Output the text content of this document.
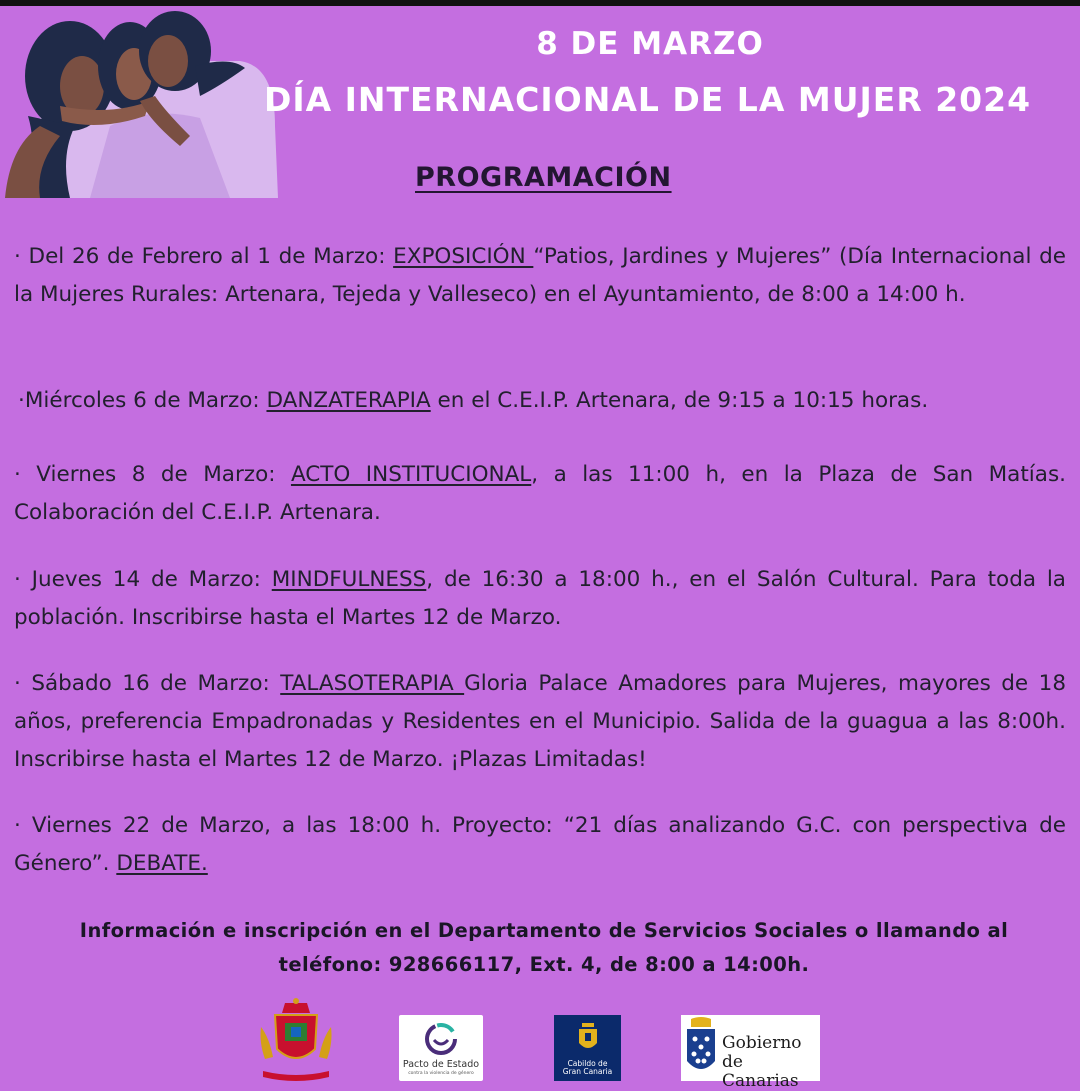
8 DE MARZO
DÍA INTERNACIONAL DE LA MUJER 2024
PROGRAMACIÓN
· Del 26 de Febrero al 1 de Marzo: EXPOSICIÓN “Patios, Jardines y Mujeres” (Día Internacional de la Mujeres Rurales: Artenara, Tejeda y Valleseco) en el Ayuntamiento, de 8:00 a 14:00 h.
·Miércoles 6 de Marzo: DANZATERAPIA en el C.E.I.P. Artenara, de 9:15 a 10:15 horas.
· Viernes 8 de Marzo: ACTO INSTITUCIONAL, a las 11:00 h, en la Plaza de San Matías. Colaboración del C.E.I.P. Artenara.
· Jueves 14 de Marzo: MINDFULNESS, de 16:30 a 18:00 h., en el Salón Cultural. Para toda la población. Inscribirse hasta el Martes 12 de Marzo.
· Sábado 16 de Marzo: TALASOTERAPIA Gloria Palace Amadores para Mujeres, mayores de 18 años, preferencia Empadronadas y Residentes en el Municipio. Salida de la guagua a las 8:00h. Inscribirse hasta el Martes 12 de Marzo. ¡Plazas Limitadas!
· Viernes 22 de Marzo, a las 18:00 h. Proyecto: “21 días analizando G.C. con perspectiva de Género”. DEBATE.
Información e inscripción en el Departamento de Servicios Sociales o llamando al
teléfono: 928666117, Ext. 4, de 8:00 a 14:00h.
Pacto de Estado
contra la violencia de género
Cabildo de
Gran Canaria
Gobierno
de Canarias
